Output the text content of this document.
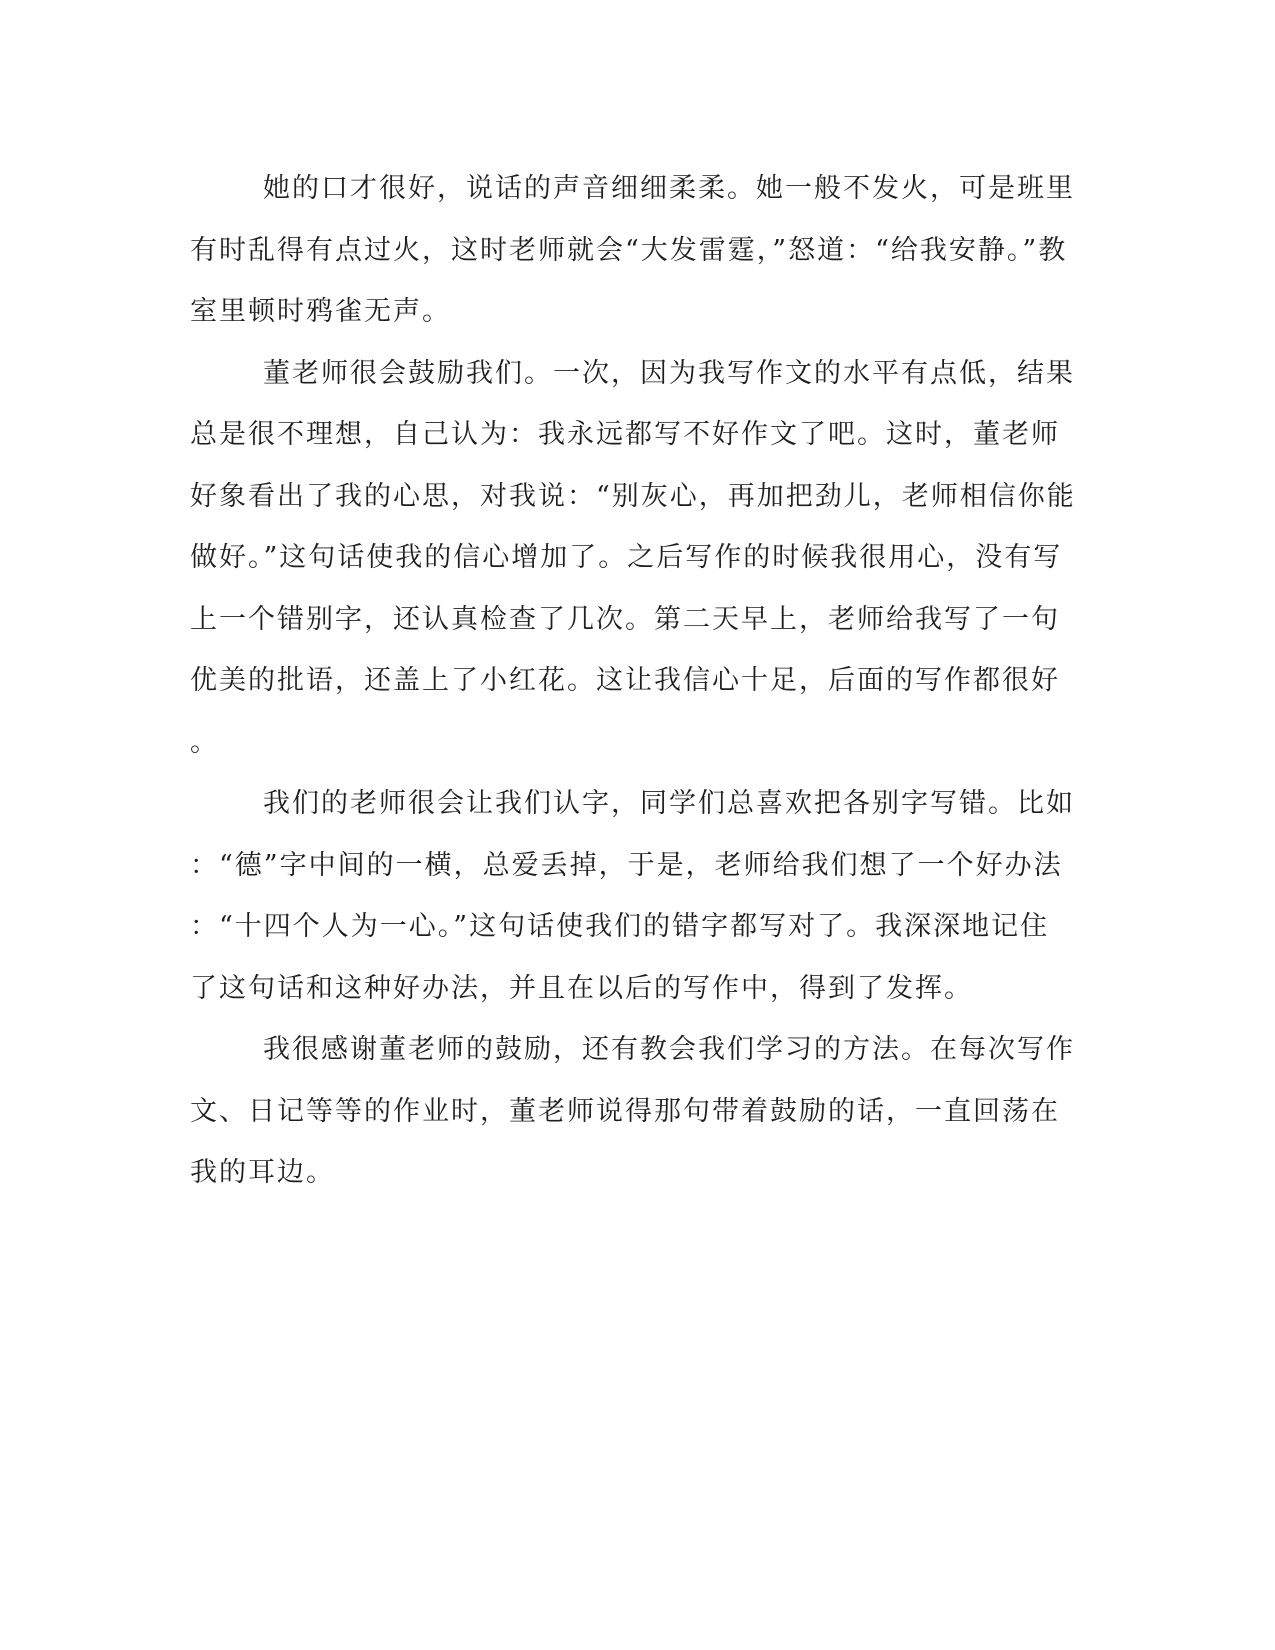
她的口才很好，说话的声音细细柔柔。她一般不发火，可是班里
有时乱得有点过火，这时老师就会“大发雷霆，”怒道：“给我安静。”教
室里顿时鸦雀无声。
董老师很会鼓励我们。一次，因为我写作文的水平有点低，结果
总是很不理想，自己认为：我永远都写不好作文了吧。这时，董老师
好象看出了我的心思，对我说：“别灰心，再加把劲儿，老师相信你能
做好。”这句话使我的信心增加了。之后写作的时候我很用心，没有写
上一个错别字，还认真检查了几次。第二天早上，老师给我写了一句
优美的批语，还盖上了小红花。这让我信心十足，后面的写作都很好
。
我们的老师很会让我们认字，同学们总喜欢把各别字写错。比如
：“德”字中间的一横，总爱丢掉，于是，老师给我们想了一个好办法
：“十四个人为一心。”这句话使我们的错字都写对了。我深深地记住
了这句话和这种好办法，并且在以后的写作中，得到了发挥。
我很感谢董老师的鼓励，还有教会我们学习的方法。在每次写作
文、日记等等的作业时，董老师说得那句带着鼓励的话，一直回荡在
我的耳边。
